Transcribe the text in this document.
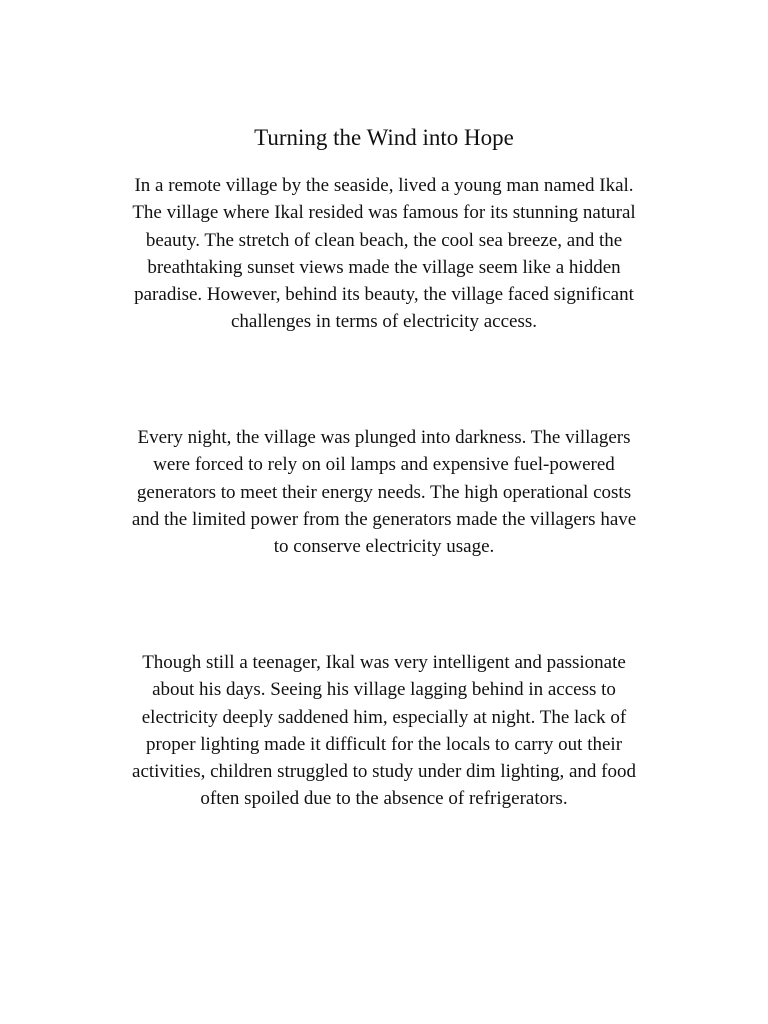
Turning the Wind into Hope

In a remote village by the seaside, lived a young man named Ikal. The village where Ikal resided was famous for its stunning natural beauty. The stretch of clean beach, the cool sea breeze, and the breathtaking sunset views made the village seem like a hidden paradise. However, behind its beauty, the village faced significant challenges in terms of electricity access.

Every night, the village was plunged into darkness. The villagers were forced to rely on oil lamps and expensive fuel-powered generators to meet their energy needs. The high operational costs and the limited power from the generators made the villagers have to conserve electricity usage.

Though still a teenager, Ikal was very intelligent and passionate about his days. Seeing his village lagging behind in access to electricity deeply saddened him, especially at night. The lack of proper lighting made it difficult for the locals to carry out their activities, children struggled to study under dim lighting, and food often spoiled due to the absence of refrigerators.
